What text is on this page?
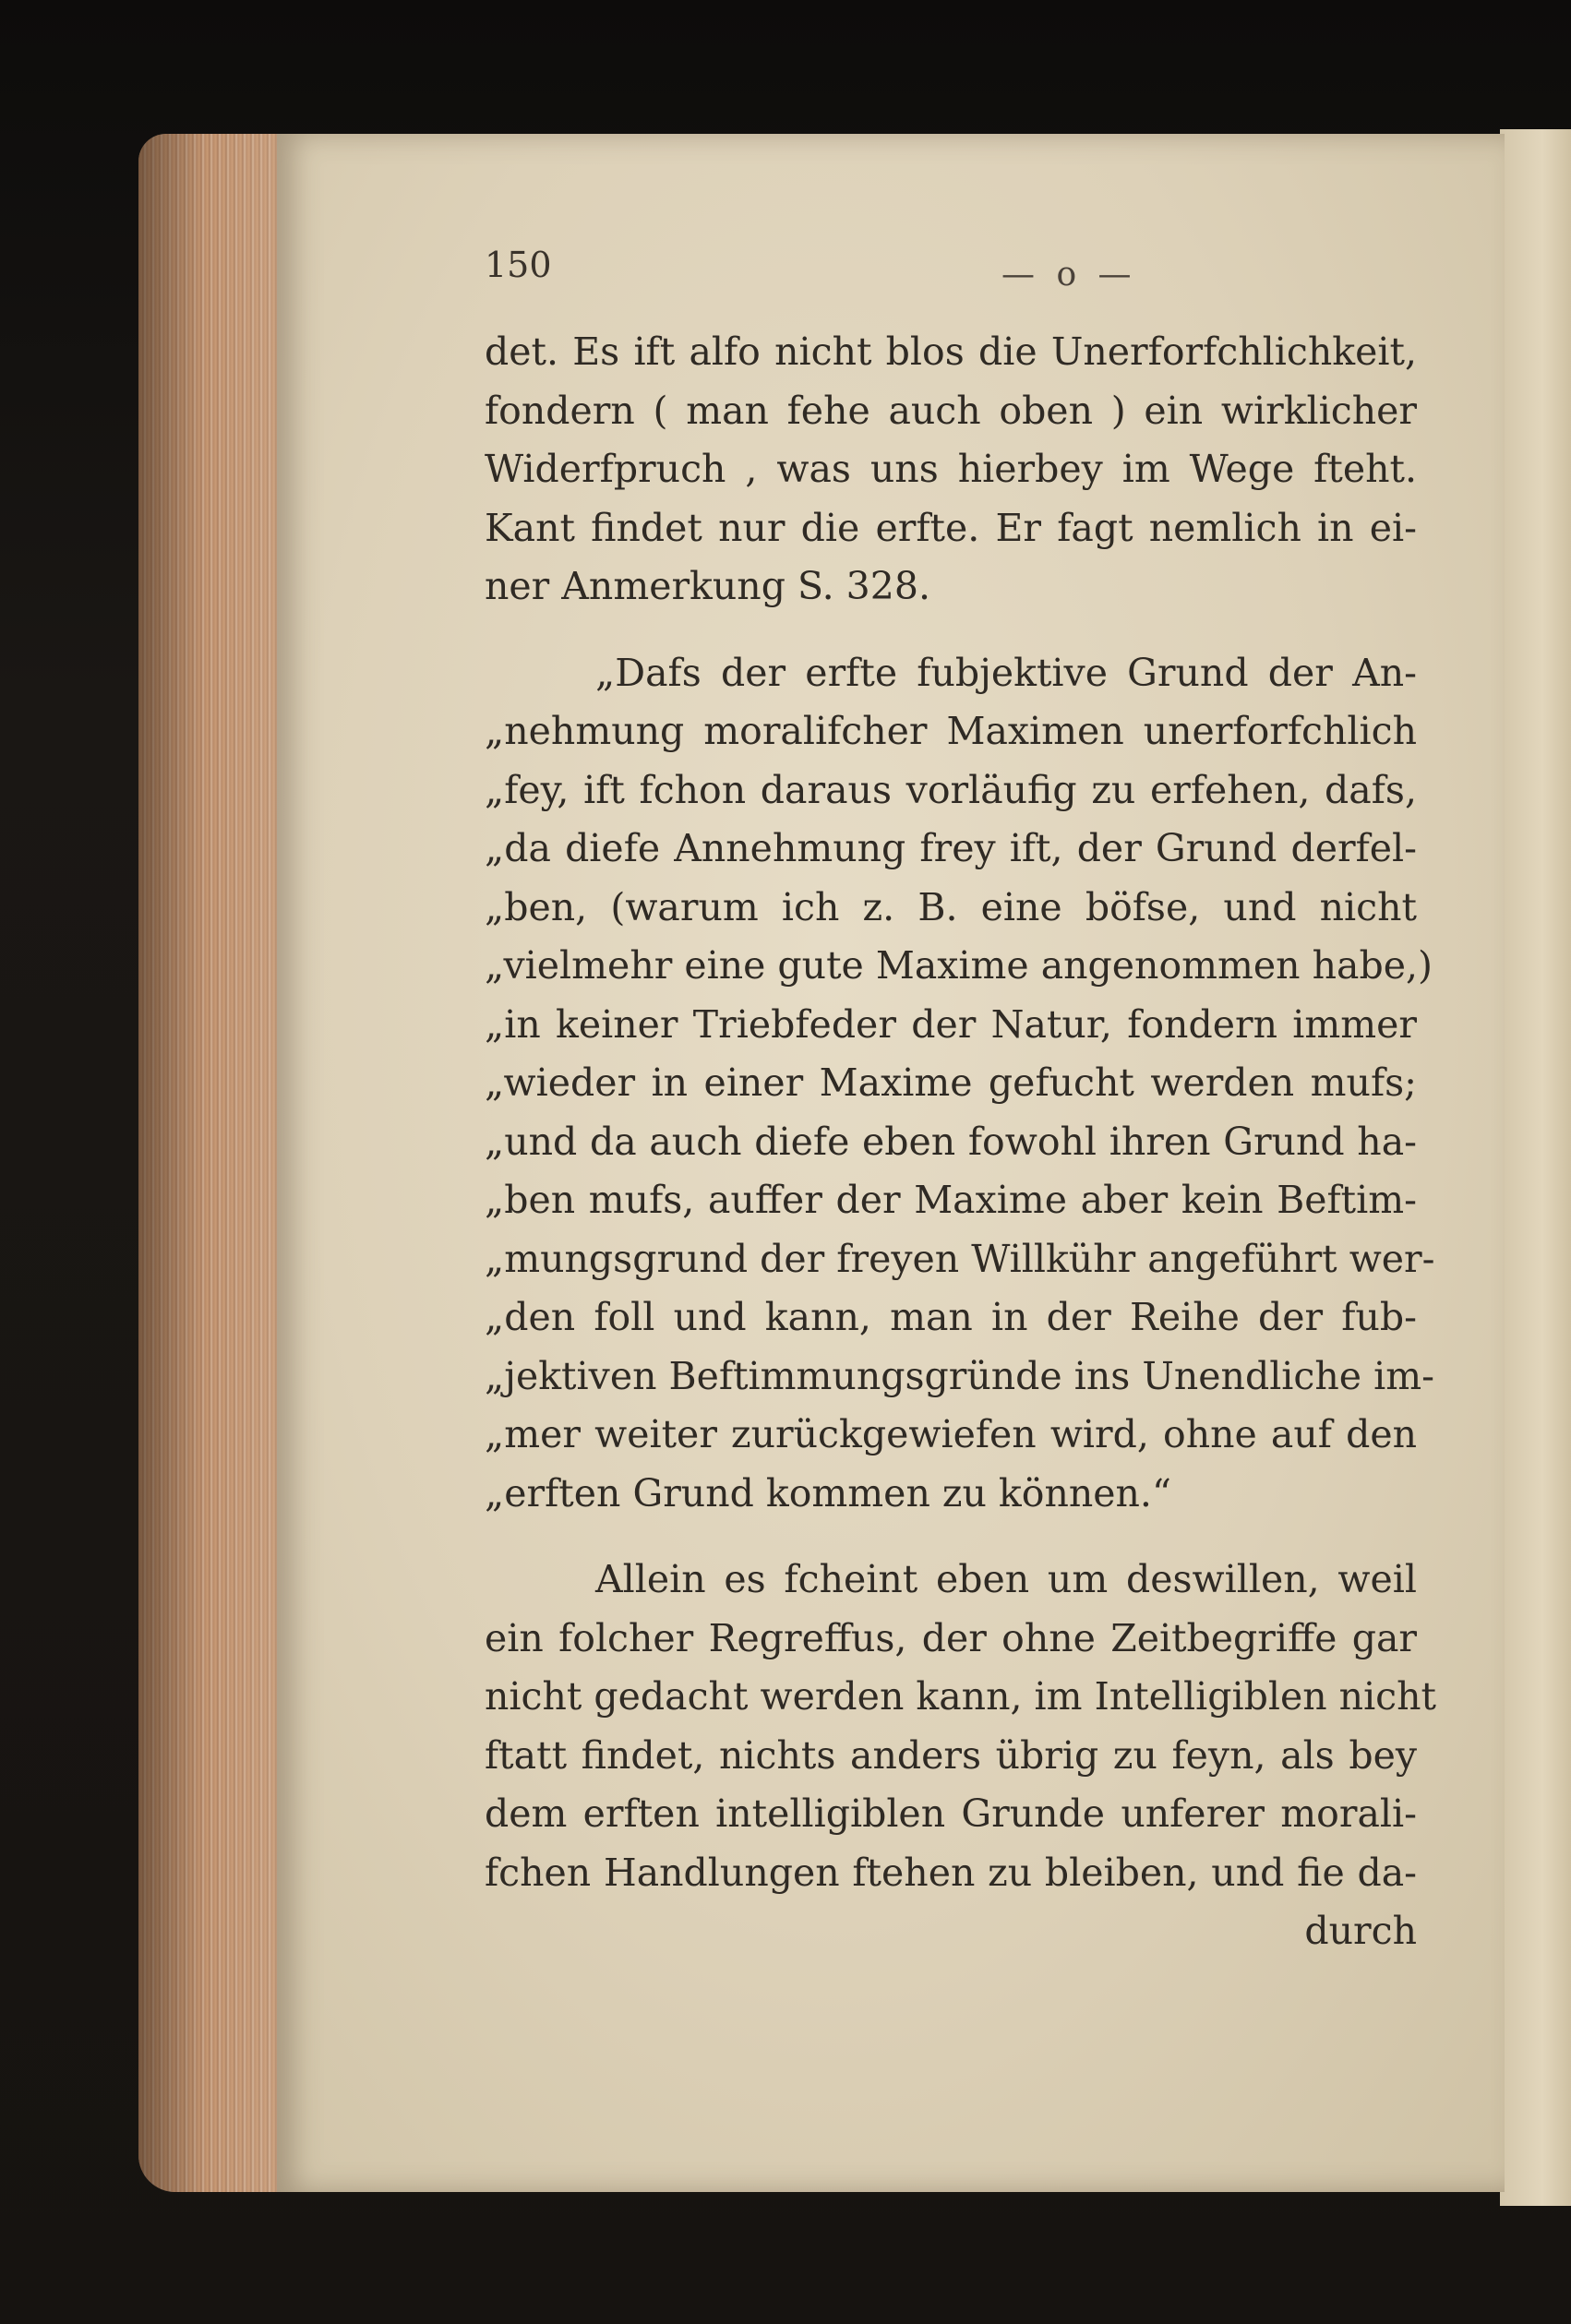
150	— o —
det. Es ift alfo nicht blos die Unerforfchlichkeit,
fondern ( man fehe auch oben ) ein wirklicher
Widerfpruch , was uns hierbey im Wege fteht.
Kant findet nur die erfte. Er fagt nemlich in ei-
ner Anmerkung S. 328.
„Dafs der erfte fubjektive Grund der An-
„nehmung moralifcher Maximen unerforfchlich
„fey, ift fchon daraus vorläufig zu erfehen, dafs,
„da diefe Annehmung frey ift, der Grund derfel-
„ben, (warum ich z. B. eine böfse, und nicht
„vielmehr eine gute Maxime angenommen habe,)
„in keiner Triebfeder der Natur, fondern immer
„wieder in einer Maxime gefucht werden mufs;
„und da auch diefe eben fowohl ihren Grund ha-
„ben mufs, auffer der Maxime aber kein Beftim-
„mungsgrund der freyen Willkühr angeführt wer-
„den foll und kann, man in der Reihe der fub-
„jektiven Beftimmungsgründe ins Unendliche im-
„mer weiter zurückgewiefen wird, ohne auf den
„erften Grund kommen zu können.“
Allein es fcheint eben um deswillen, weil
ein folcher Regreffus, der ohne Zeitbegriffe gar
nicht gedacht werden kann, im Intelligiblen nicht
ftatt findet, nichts anders übrig zu feyn, als bey
dem erften intelligiblen Grunde unferer morali-
fchen Handlungen ftehen zu bleiben, und fie da-
durch
